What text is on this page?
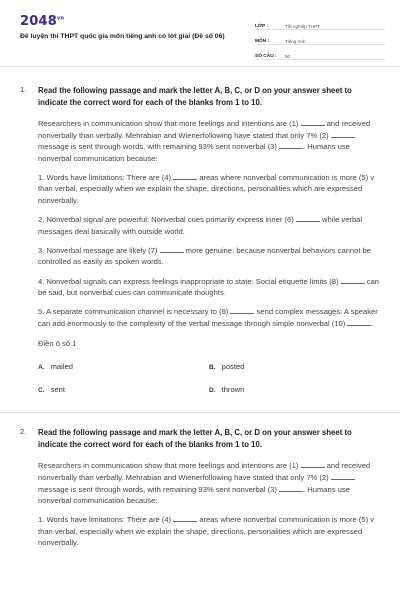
$2048^{vn}$
Đề luyện thi THPT quốc gia môn tiếng anh có lời giải (Đề số 06)
LỚP :	Tốt nghiệp THPT
MÔN :	Tiếng Anh
SỐ CÂU :	50
1. Read the following passage and mark the letter A, B, C, or D on your answer sheet to indicate the correct word for each of the blanks from 1 to 10.

Researchers in communication show that more feelings and intentions are (1)	and received nonverbally than verbally. Mehrabian and Wienerfollowing have stated that only 7% (2)  message is sent through words, with remaining 93% sent nonverbal (3)	. Humans use nonverbal communication because:

1. Words have limitations: There are (4)	areas where nonverbal communication is more (5) v than verbal, especially when we explain the shape, directions, personalities which are expressed nonverbally.

2. Nonverbal signal are powerful: Nonverbal cues primarily express inner (6)	while verbal messages deal basically with outside world.

3. Nonverbal message are likely (7)	more genuine: because nonverbal behaviors cannot be controlled as easily as spoken words.

4. Nonverbal signals can express feelings inappropriate to state: Social etiquette limits (8)	can be said, but nonverbal cues can communicate thoughts.

5. A separate communication channel is necessary to (9)	send complex messages: A speaker can add enormously to the complexity of the verbal message through simple nonverbal (10)	.

Điền ô số 1
A. mailed	B. posted
C. sent	D. thrown
2. Read the following passage and mark the letter A, B, C, or D on your answer sheet to indicate the correct word for each of the blanks from 1 to 10.

Researchers in communication show that more feelings and intentions are (1)	and received nonverbally than verbally. Mehrabian and Wienerfollowing have stated that only 7% (2)  message is sent through words, with remaining 93% sent nonverbal (3)	. Humans use nonverbal communication because:

1. Words have limitations: There are (4)	areas where nonverbal communication is more (5) v than verbal, especially when we explain the shape, directions, personalities which are expressed nonverbally.
